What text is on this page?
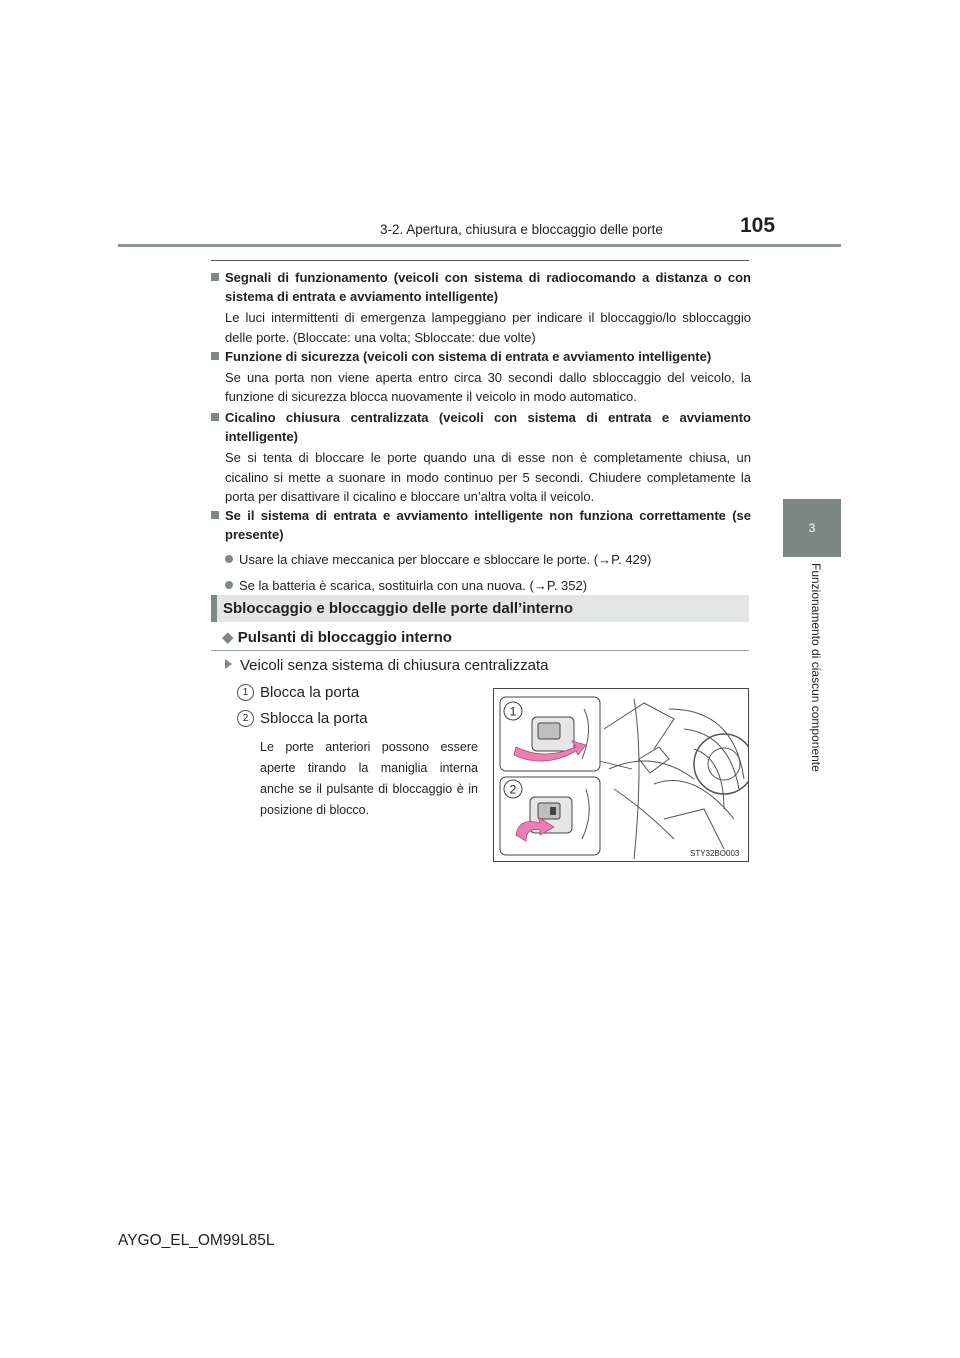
3-2. Apertura, chiusura e bloccaggio delle porte	105
3
Funzionamento di ciascun componente
Segnali di funzionamento (veicoli con sistema di radiocomando a distanza o con sistema di entrata e avviamento intelligente)
Le luci intermittenti di emergenza lampeggiano per indicare il bloccaggio/lo sbloccaggio delle porte. (Bloccate: una volta; Sbloccate: due volte)
Funzione di sicurezza (veicoli con sistema di entrata e avviamento intelligente)
Se una porta non viene aperta entro circa 30 secondi dallo sbloccaggio del veicolo, la funzione di sicurezza blocca nuovamente il veicolo in modo automatico.
Cicalino chiusura centralizzata (veicoli con sistema di entrata e avviamento intelligente)
Se si tenta di bloccare le porte quando una di esse non è completamente chiusa, un cicalino si mette a suonare in modo continuo per 5 secondi. Chiudere completamente la porta per disattivare il cicalino e bloccare un’altra volta il veicolo.
Se il sistema di entrata e avviamento intelligente non funziona correttamente (se presente)
Usare la chiave meccanica per bloccare e sbloccare le porte. (→P. 429)
Se la batteria è scarica, sostituirla con una nuova. (→P. 352)
Sbloccaggio e bloccaggio delle porte dall’interno
◆ Pulsanti di bloccaggio interno
Veicoli senza sistema di chiusura centralizzata
1 Blocca la porta
2 Sblocca la porta
Le porte anteriori possono essere aperte tirando la maniglia interna anche se il pulsante di bloccaggio è in posizione di blocco.
1
2
STY32BO003
AYGO_EL_OM99L85L
